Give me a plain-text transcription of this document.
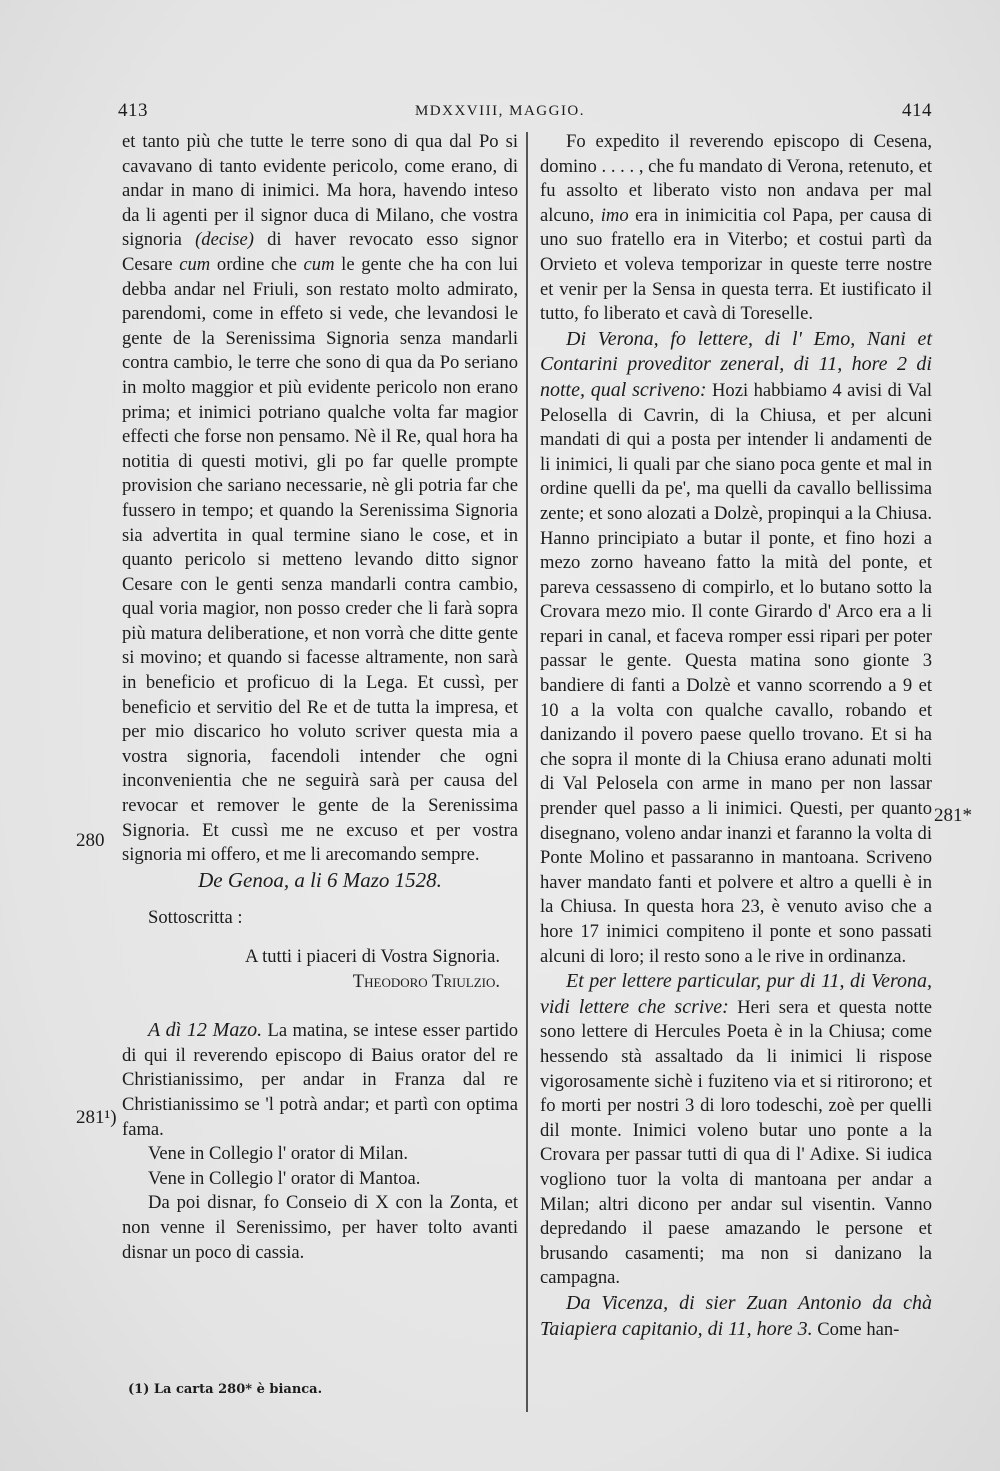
413	MDXXVIII, MAGGIO.	414

et tanto più che tutte le terre sono di qua dal Po si cavavano di tanto evidente pericolo, come erano, di andar in mano di inimici. Ma hora, havendo inteso da li agenti per il signor duca di Milano, che vostra signoria (decise) di haver revocato esso signor Cesare cum ordine che cum le gente che ha con lui debba andar nel Friuli, son restato molto admirato, parendomi, come in effeto si vede, che levandosi le gente de la Serenissima Signoria senza mandarli contra cambio, le terre che sono di qua da Po seriano in molto maggior et più evidente pericolo non erano prima; et inimici potriano qualche volta far magior effecti che forse non pensamo. Nè il Re, qual hora ha notitia di questi motivi, gli po far quelle prompte provision che sariano necessarie, nè gli potria far che fussero in tempo; et quando la Serenissima Signoria sia advertita in qual termine siano le cose, et in quanto pericolo si metteno levando ditto signor Cesare con le genti senza mandarli contra cambio, qual voria magior, non posso creder che li farà sopra più matura deliberatione, et non vorrà che ditte gente si movino; et quando si facesse altramente, non sarà in beneficio et proficuo di la Lega. Et cussì, per beneficio et servitio del Re et de tutta la impresa, et per mio discarico ho voluto scriver questa mia a vostra signoria, facendoli intender che ogni inconvenientia che ne seguirà sarà per causa del revocar et remover le gente de la Serenissima Signoria. Et cussì me ne excuso et per vostra signoria mi offero, et me li arecomando sempre.

De Genoa, a li 6 Mazo 1528.

Sottoscritta :

A tutti i piaceri di Vostra Signoria.

Theodoro Triulzio.

A dì 12 Mazo. La matina, se intese esser partido di qui il reverendo episcopo di Baius orator del re Christianissimo, per andar in Franza dal re Christianissimo se 'l potrà andar; et partì con optima fama.

Vene in Collegio l' orator di Milan.

Vene in Collegio l' orator di Mantoa.

Da poi disnar, fo Conseio di X con la Zonta, et non venne il Serenissimo, per haver tolto avanti disnar un poco di cassia.

Fo expedito il reverendo episcopo di Cesena, domino . . . . , che fu mandato di Verona, retenuto, et fu assolto et liberato visto non andava per mal alcuno, imo era in inimicitia col Papa, per causa di uno suo fratello era in Viterbo; et costui partì da Orvieto et voleva temporizar in queste terre nostre et venir per la Sensa in questa terra. Et iustificato il tutto, fo liberato et cavà di Toreselle.

Di Verona, fo lettere, di l' Emo, Nani et Contarini proveditor zeneral, di 11, hore 2 di notte, qual scriveno: Hozi habbiamo 4 avisi di Val Pelosella di Cavrin, di la Chiusa, et per alcuni mandati di qui a posta per intender li andamenti de li inimici, li quali par che siano poca gente et mal in ordine quelli da pe', ma quelli da cavallo bellissima zente; et sono alozati a Dolzè, propinqui a la Chiusa. Hanno principiato a butar il ponte, et fino hozi a mezo zorno haveano fatto la mità del ponte, et pareva cessasseno di compirlo, et lo butano sotto la Crovara mezo mio. Il conte Girardo d' Arco era a li repari in canal, et faceva romper essi ripari per poter passar le gente. Questa matina sono gionte 3 bandiere di fanti a Dolzè et vanno scorrendo a 9 et 10 a la volta con qualche cavallo, robando et danizando il povero paese quello trovano. Et si ha che sopra il monte di la Chiusa erano adunati molti di Val Pelosela con arme in mano per non lassar prender quel passo a li inimici. Questi, per quanto disegnano, voleno andar inanzi et faranno la volta di Ponte Molino et passaranno in mantoana. Scriveno haver mandato fanti et polvere et altro a quelli è in la Chiusa. In questa hora 23, è venuto aviso che a hore 17 inimici compiteno il ponte et sono passati alcuni di loro; il resto sono a le rive in ordinanza.

Et per lettere particular, pur di 11, di Verona, vidi lettere che scrive: Heri sera et questa notte sono lettere di Hercules Poeta è in la Chiusa; come hessendo stà assaltado da li inimici li rispose vigorosamente sichè i fuziteno via et si ritirorono; et fo morti per nostri 3 di loro todeschi, zoè per quelli dil monte. Inimici voleno butar uno ponte a la Crovara per passar tutti di qua di l' Adixe. Si iudica vogliono tuor la volta di mantoana per andar a Milan; altri dicono per andar sul visentin. Vanno depredando il paese amazando le persone et brusando casamenti; ma non si danizano la campagna.

Da Vicenza, di sier Zuan Antonio da chà Taiapiera capitanio, di 11, hore 3. Come han-

280
281¹)
281*
(1) La carta 280* è bianca.
